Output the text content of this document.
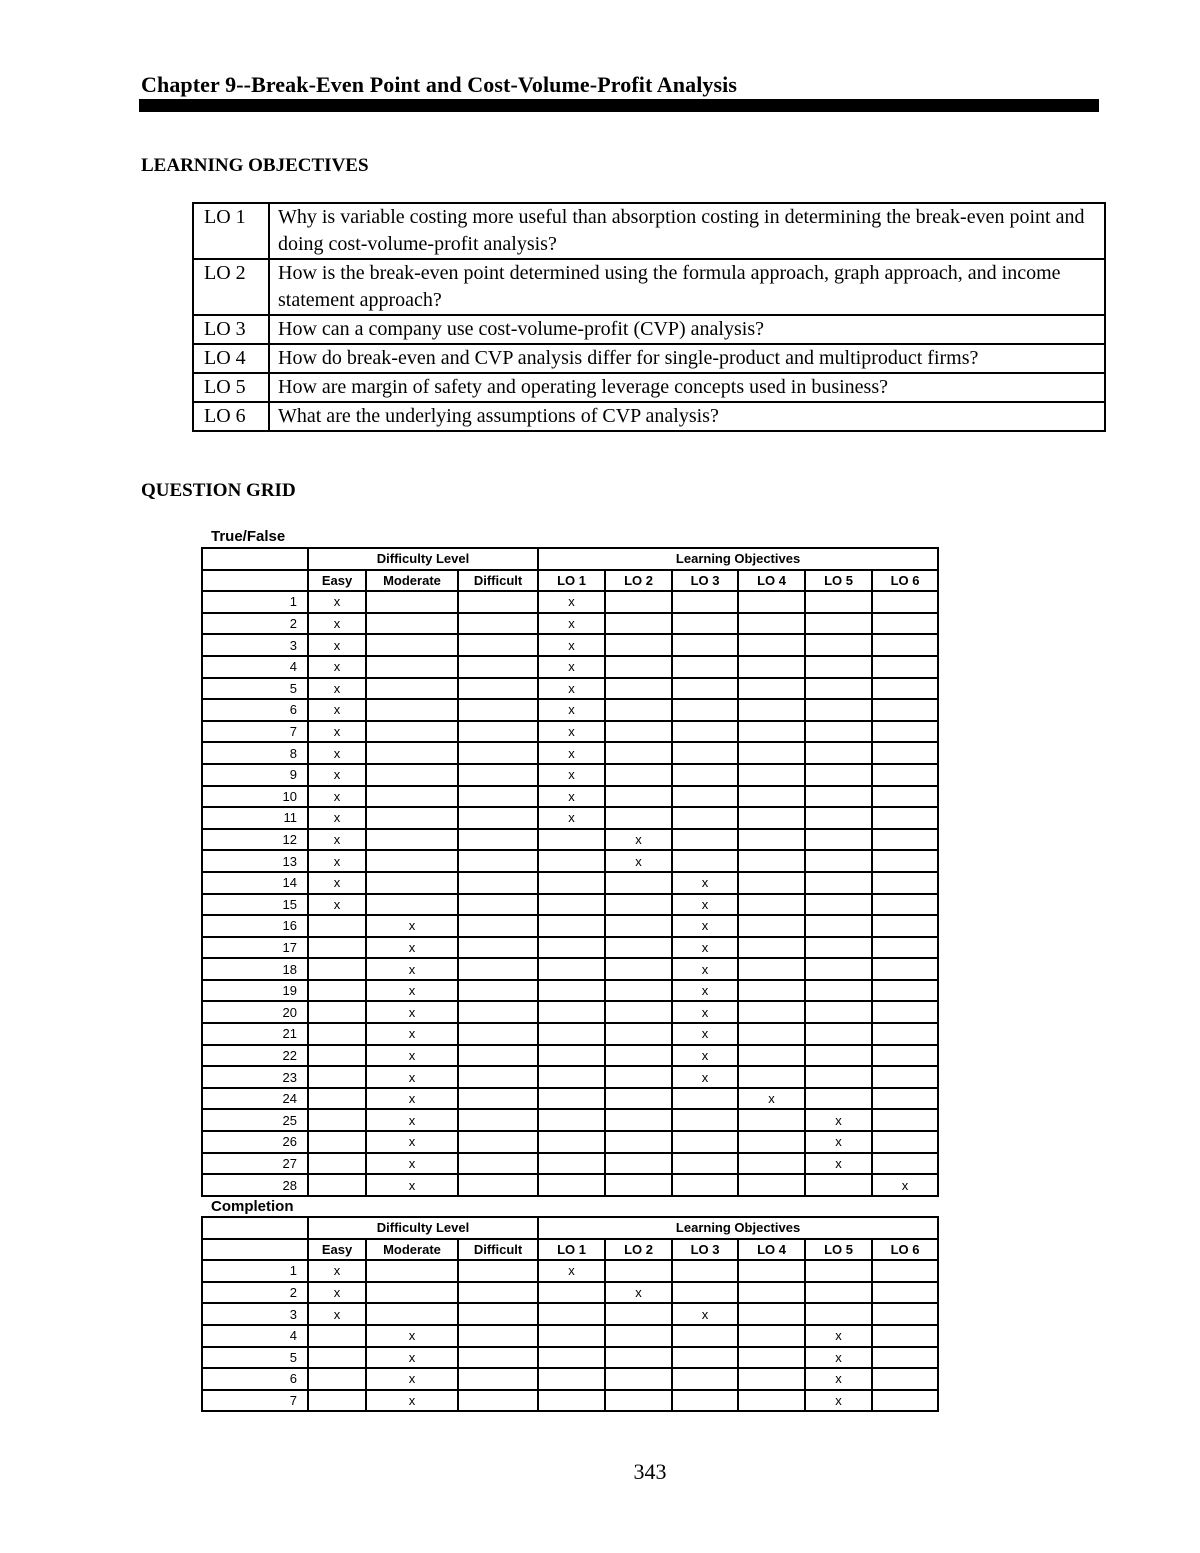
Chapter 9--Break-Even Point and Cost-Volume-Profit Analysis
LEARNING OBJECTIVES
LO 1	Why is variable costing more useful than absorption costing in determining the break-even point and doing cost-volume-profit analysis?
LO 2	How is the break-even point determined using the formula approach, graph approach, and income statement approach?
LO 3	How can a company use cost-volume-profit (CVP) analysis?
LO 4	How do break-even and CVP analysis differ for single-product and multiproduct firms?
LO 5	How are margin of safety and operating leverage concepts used in business?
LO 6	What are the underlying assumptions of CVP analysis?
QUESTION GRID
True/False
	Difficulty Level			Learning Objectives					
	Easy	Moderate	Difficult	LO 1	LO 2	LO 3	LO 4	LO 5	LO 6
1	x			x					
2	x			x					
3	x			x					
4	x			x					
5	x			x					
6	x			x					
7	x			x					
8	x			x					
9	x			x					
10	x			x					
11	x			x					
12	x				x				
13	x				x				
14	x					x			
15	x					x			
16		x				x			
17		x				x			
18		x				x			
19		x				x			
20		x				x			
21		x				x			
22		x				x			
23		x				x			
24		x					x		
25		x						x	
26		x						x	
27		x						x	
28		x							x
Completion
	Difficulty Level			Learning Objectives					
	Easy	Moderate	Difficult	LO 1	LO 2	LO 3	LO 4	LO 5	LO 6
1	x			x					
2	x				x				
3	x					x			
4		x						x	
5		x						x	
6		x						x	
7		x						x	
343
